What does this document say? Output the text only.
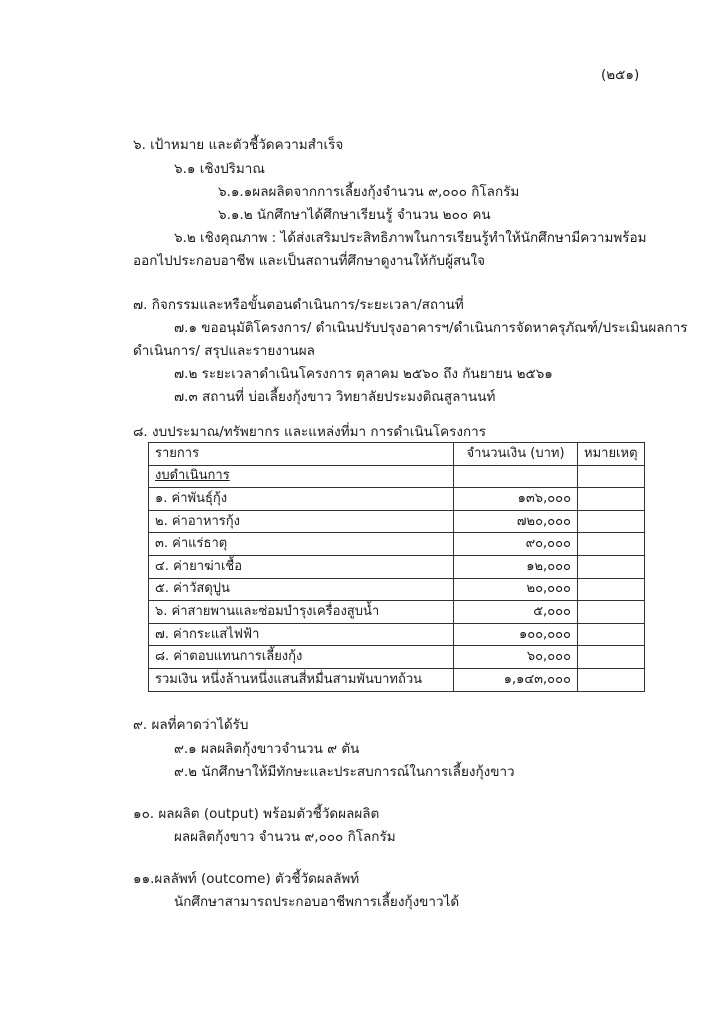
(๒๕๑)
๖. เป้าหมาย และตัวชี้วัดความสำเร็จ
๖.๑ เชิงปริมาณ
๖.๑.๑ผลผลิตจากการเลี้ยงกุ้งจำนวน ๙,๐๐๐ กิโลกรัม
๖.๑.๒ นักศึกษาได้ศึกษาเรียนรู้ จำนวน ๒๐๐ คน
๖.๒ เชิงคุณภาพ : ได้ส่งเสริมประสิทธิภาพในการเรียนรู้ทำให้นักศึกษามีความพร้อม
ออกไปประกอบอาชีพ และเป็นสถานที่ศึกษาดูงานให้กับผู้สนใจ
๗. กิจกรรมและหรือขั้นตอนดำเนินการ/ระยะเวลา/สถานที่
๗.๑ ขออนุมัติโครงการ/ ดำเนินปรับปรุงอาคารฯ/ดำเนินการจัดหาครุภัณฑ์/ประเมินผลการ
ดำเนินการ/ สรุปและรายงานผล
๗.๒ ระยะเวลาดำเนินโครงการ ตุลาคม ๒๕๖๐ ถึง กันยายน ๒๕๖๑
๗.๓ สถานที่ บ่อเลี้ยงกุ้งขาว วิทยาลัยประมงติณสูลานนท์
๘. งบประมาณ/ทรัพยากร และแหล่งที่มา การดำเนินโครงการ
รายการ	จำนวนเงิน (บาท)	หมายเหตุ
งบดำเนินการ		
๑. ค่าพันธุ์กุ้ง	๑๓๖,๐๐๐	
๒. ค่าอาหารกุ้ง	๗๒๐,๐๐๐	
๓. ค่าแร่ธาตุ	๙๐,๐๐๐	
๔. ค่ายาฆ่าเชื้อ	๑๒,๐๐๐	
๕. ค่าวัสดุปูน	๒๐,๐๐๐	
๖. ค่าสายพานและซ่อมบำรุงเครื่องสูบน้ำ	๕,๐๐๐	
๗. ค่ากระแสไฟฟ้า	๑๐๐,๐๐๐	
๘. ค่าตอบแทนการเลี้ยงกุ้ง	๖๐,๐๐๐	
รวมเงิน หนึ่งล้านหนึ่งแสนสี่หมื่นสามพันบาทถ้วน	๑,๑๔๓,๐๐๐	
๙. ผลที่คาดว่าได้รับ
๙.๑ ผลผลิตกุ้งขาวจำนวน ๙ ตัน
๙.๒ นักศึกษาให้มีทักษะและประสบการณ์ในการเลี้ยงกุ้งขาว
๑๐. ผลผลิต (output) พร้อมตัวชี้วัดผลผลิต
ผลผลิตกุ้งขาว จำนวน ๙,๐๐๐ กิโลกรัม
๑๑.ผลลัพท์ (outcome) ตัวชี้วัดผลลัพท์
นักศึกษาสามารถประกอบอาชีพการเลี้ยงกุ้งขาวได้
